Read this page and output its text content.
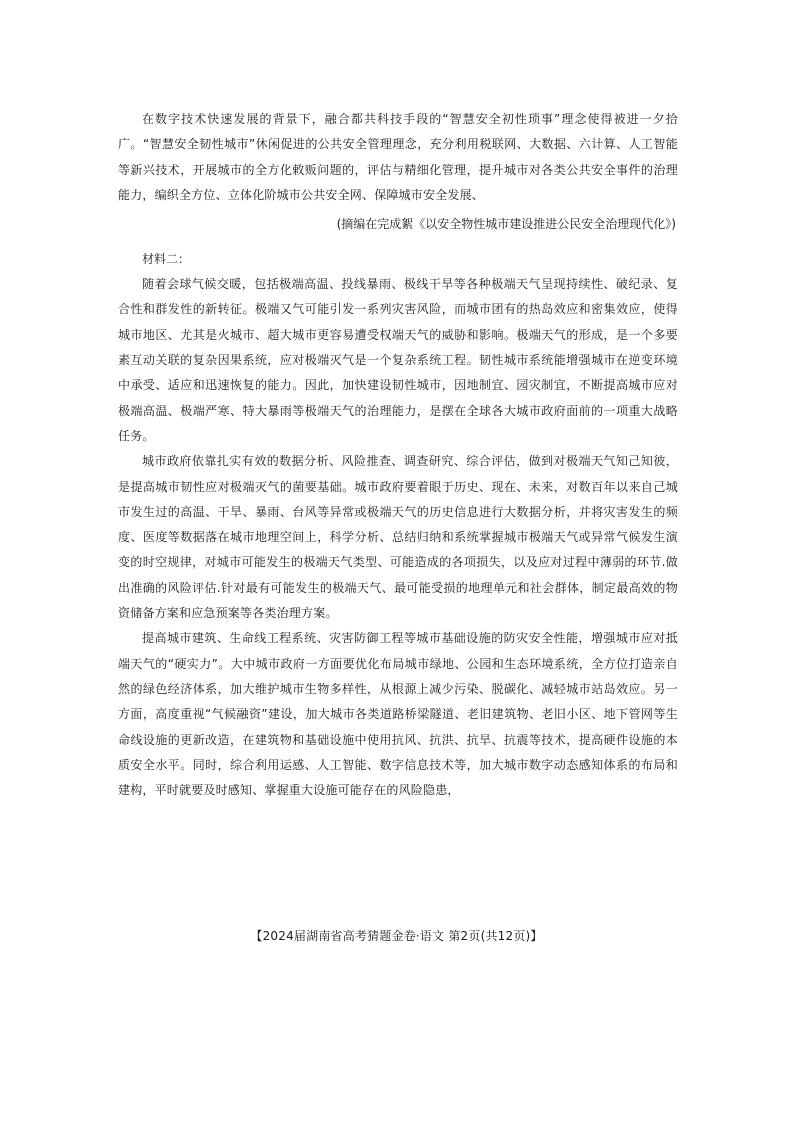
在数字技术快速发展的背景下，融合都共科技手段的“智慧安全初性琐事”理念使得被进一夕拾广。“智慧安全韧性城市”休闲促进的公共安全管理理念，充分利用税联网、大数据、六计算、人工智能等新兴技术，开展城市的全方化敕贩问题的，评估与精细化管理，提升城市对各类公共安全事件的治理能力，编织全方位、立体化阶城市公共安全网、保障城市安全发展、

(摘编在完成絮《以安全物性城市建设推进公民安全治理现代化》)

材料二：

随着会球气候交暖，包括极端高温、投线暴雨、极线干旱等各种极端天气呈现持续性、破纪录、复合性和群发性的新转征。极端又气可能引发一系列灾害风险，而城市团有的热岛效应和密集效应，使得城市地区、尤其是火城市、超大城市更容易遭受权端天气的威胁和影响。极端天气的形成，是一个多要素互动关联的复杂因果系统，应对极端灭气是一个复杂系统工程。韧性城市系统能增强城市在逆变环境中承受、适应和迅速恢复的能力。因此，加快建设韧性城市，因地制宜、园灾制宜，不断提高城市应对极端高温、极端严寒、特大暴雨等极端天气的治理能力，是摆在全球各大城市政府面前的一项重大战略任务。

城市政府依靠扎实有效的数据分析、风险推查、调查研究、综合评估，做到对极端天气知己知彼，是提高城市韧性应对极端灭气的菌要基础。城市政府要着眼于历史、现在、未来，对数百年以来自己城市发生过的高温、干旱、暴雨、台风等异常或极端天气的历史信息进行大数据分析，并将灾害发生的频度、医度等数据落在城市地理空间上，科学分析、总结归纳和系统掌握城市极端天气或异常气候发生演变的时空规律，对城市可能发生的极端天气类型、可能造成的各项损失，以及应对过程中薄弱的环节.做出准确的风险评估.针对最有可能发生的极端天气、最可能受损的地理单元和社会群体，制定最高效的物资储备方案和应急预案等各类治理方案。

提高城市建筑、生命线工程系统、灾害防御工程等城市基础设施的防灾安全性能，增强城市应对抵端天气的“硬实力”。大中城市政府一方面要优化布局城市绿地、公园和生态环境系统，全方位打造亲自然的绿色经济体系，加大维护城市生物多样性，从根源上减少污染、脱碳化、减轻城市站岛效应。另一方面，高度重视“气候融资”建设，加大城市各类道路桥梁隧道、老旧建筑物、老旧小区、地下管网等生命线设施的更新改造，在建筑物和基础设施中使用抗风、抗洪、抗旱、抗震等技术，提高硬件设施的本质安全水平。同时，综合利用运感、人工智能、数字信息技术等，加大城市数字动态感知体系的布局和建构，平时就要及时感知、掌握重大设施可能存在的风险隐患，

【2024届湖南省高考猜题金卷·语文 第2页(共12页)】
